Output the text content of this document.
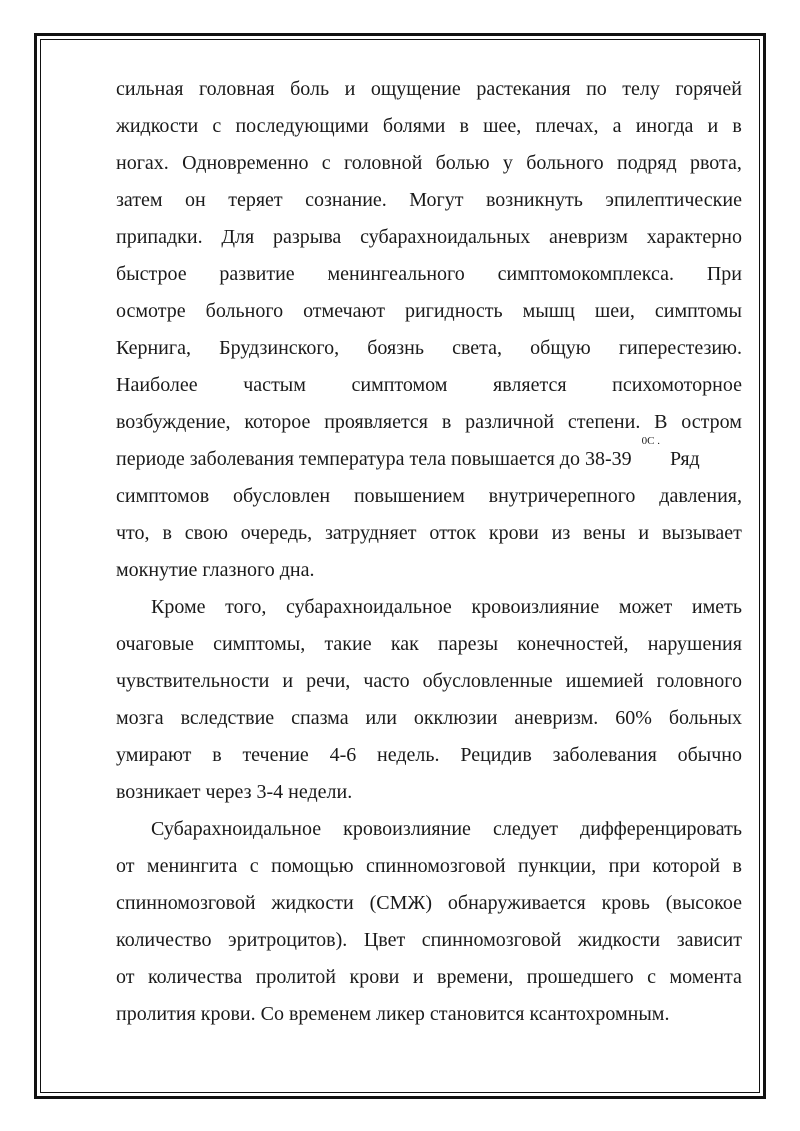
сильная головная боль и ощущение растекания по телу горячей
жидкости с последующими болями в шее, плечах, а иногда и в
ногах. Одновременно с головной болью у больного подряд рвота,
затем он теряет сознание. Могут возникнуть эпилептические
припадки. Для разрыва субарахноидальных аневризм характерно
быстрое развитие менингеального симптомокомплекса. При
осмотре больного отмечают ригидность мышц шеи, симптомы
Кернига, Брудзинского, боязнь света, общую гиперестезию.
Наиболее частым симптомом является психомоторное
возбуждение, которое проявляется в различной степени. В остром
периоде заболевания температура тела повышается до 38-39
0С .
Ряд
симптомов обусловлен повышением внутричерепного давления,
что, в свою очередь, затрудняет отток крови из вены и вызывает
мокнутие глазного дна.
Кроме того, субарахноидальное кровоизлияние может иметь
очаговые симптомы, такие как парезы конечностей, нарушения
чувствительности и речи, часто обусловленные ишемией головного
мозга вследствие спазма или окклюзии аневризм. 60% больных
умирают в течение 4-6 недель. Рецидив заболевания обычно
возникает через 3-4 недели.
Субарахноидальное кровоизлияние следует дифференцировать
от менингита с помощью спинномозговой пункции, при которой в
спинномозговой жидкости (СМЖ) обнаруживается кровь (высокое
количество эритроцитов). Цвет спинномозговой жидкости зависит
от количества пролитой крови и времени, прошедшего с момента
пролития крови. Со временем ликер становится ксантохромным.
